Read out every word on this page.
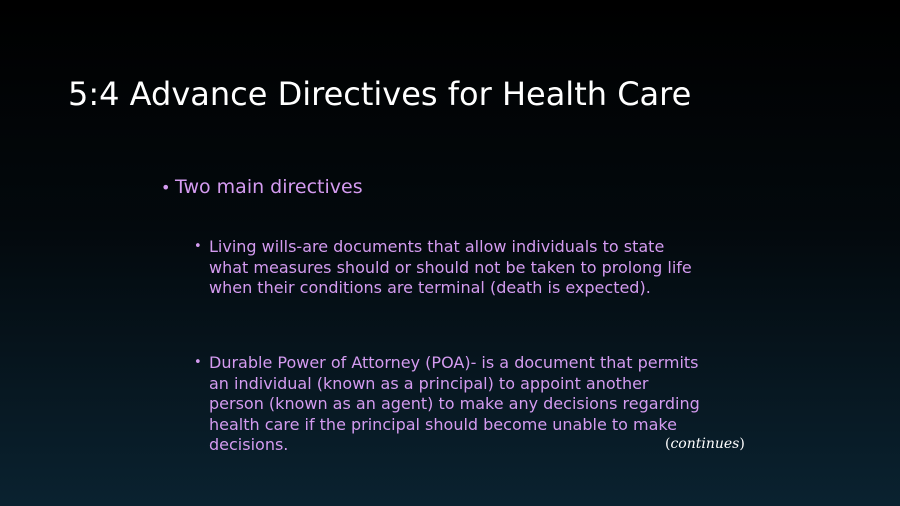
5:4 Advance Directives for Health Care
• Two main directives
• Living wills-are documents that allow individuals to state
what measures should or should not be taken to prolong life
when their conditions are terminal (death is expected).
• Durable Power of Attorney (POA)- is a document that permits
an individual (known as a principal) to appoint another
person (known as an agent) to make any decisions regarding
health care if the principal should become unable to make
decisions.	(continues)
